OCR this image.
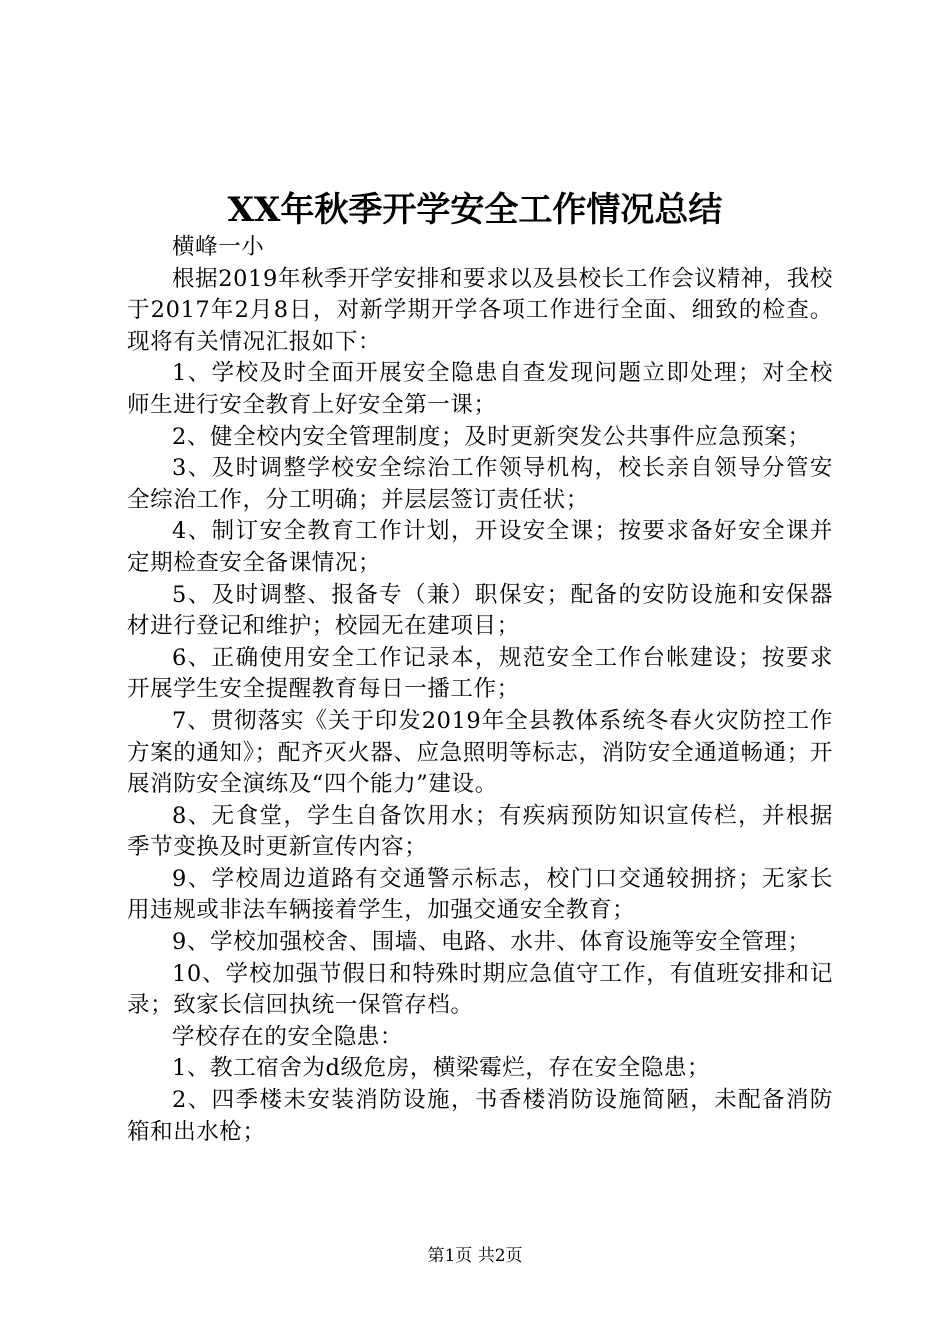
XX年秋季开学安全工作情况总结

横峰一小

根据2019年秋季开学安排和要求以及县校长工作会议精神，我校于2017年2月8日，对新学期开学各项工作进行全面、细致的检查。现将有关情况汇报如下：

1、学校及时全面开展安全隐患自查发现问题立即处理；对全校师生进行安全教育上好安全第一课；

2、健全校内安全管理制度；及时更新突发公共事件应急预案；

3、及时调整学校安全综治工作领导机构，校长亲自领导分管安全综治工作，分工明确；并层层签订责任状；

4、制订安全教育工作计划，开设安全课；按要求备好安全课并定期检查安全备课情况；

5、及时调整、报备专（兼）职保安；配备的安防设施和安保器材进行登记和维护；校园无在建项目；

6、正确使用安全工作记录本，规范安全工作台帐建设；按要求开展学生安全提醒教育每日一播工作；

7、贯彻落实《关于印发2019年全县教体系统冬春火灾防控工作方案的通知》；配齐灭火器、应急照明等标志，消防安全通道畅通；开展消防安全演练及“四个能力”建设。

8、无食堂，学生自备饮用水；有疾病预防知识宣传栏，并根据季节变换及时更新宣传内容；

9、学校周边道路有交通警示标志，校门口交通较拥挤；无家长用违规或非法车辆接着学生，加强交通安全教育；

9、学校加强校舍、围墙、电路、水井、体育设施等安全管理；

10、学校加强节假日和特殊时期应急值守工作，有值班安排和记录；致家长信回执统一保管存档。

学校存在的安全隐患：

1、教工宿舍为d级危房，横梁霉烂，存在安全隐患；

2、四季楼未安装消防设施，书香楼消防设施简陋，未配备消防箱和出水枪；

第1页 共2页
